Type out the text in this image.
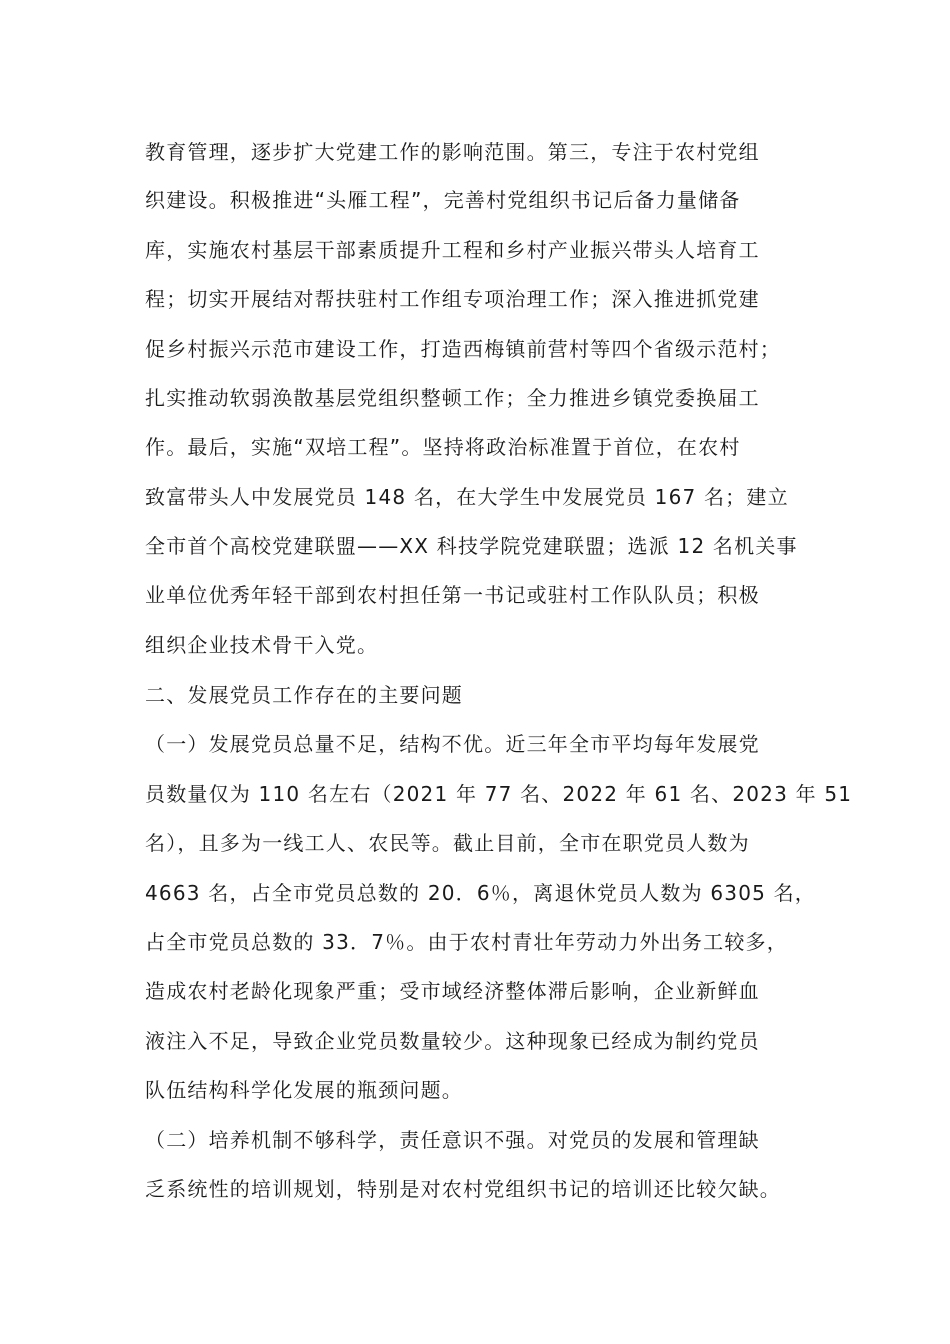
教育管理，逐步扩大党建工作的影响范围。第三，专注于农村党组
织建设。积极推进“头雁工程”，完善村党组织书记后备力量储备
库，实施农村基层干部素质提升工程和乡村产业振兴带头人培育工
程；切实开展结对帮扶驻村工作组专项治理工作；深入推进抓党建
促乡村振兴示范市建设工作，打造西梅镇前营村等四个省级示范村；
扎实推动软弱涣散基层党组织整顿工作；全力推进乡镇党委换届工
作。最后，实施“双培工程”。坚持将政治标准置于首位，在农村
致富带头人中发展党员 148 名，在大学生中发展党员 167 名；建立
全市首个高校党建联盟——XX 科技学院党建联盟；选派 12 名机关事
业单位优秀年轻干部到农村担任第一书记或驻村工作队队员；积极
组织企业技术骨干入党。
二、发展党员工作存在的主要问题
（一）发展党员总量不足，结构不优。近三年全市平均每年发展党
员数量仅为 110 名左右（2021 年 77 名、2022 年 61 名、2023 年 51
名），且多为一线工人、农民等。截止目前，全市在职党员人数为
4663 名，占全市党员总数的 20．6％，离退休党员人数为 6305 名，
占全市党员总数的 33．7％。由于农村青壮年劳动力外出务工较多，
造成农村老龄化现象严重；受市域经济整体滞后影响，企业新鲜血
液注入不足，导致企业党员数量较少。这种现象已经成为制约党员
队伍结构科学化发展的瓶颈问题。
（二）培养机制不够科学，责任意识不强。对党员的发展和管理缺
乏系统性的培训规划，特别是对农村党组织书记的培训还比较欠缺。
